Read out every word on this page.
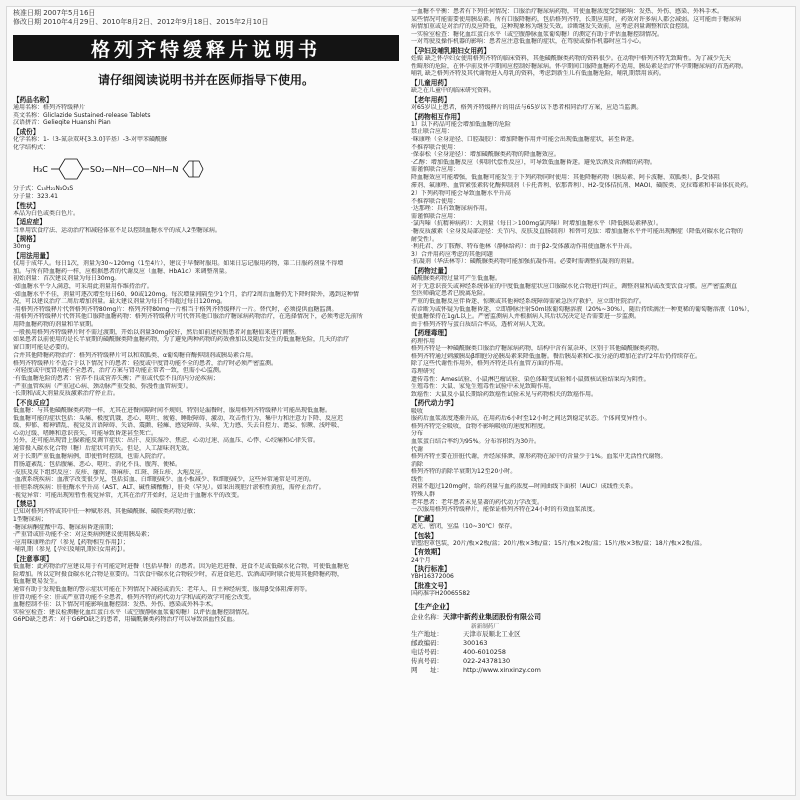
核准日期 2007年5月16日
修改日期 2010年4月29日、2010年8月2日、2012年9月18日、2015年2月10日
格列齐特缓释片说明书
请仔细阅读说明书并在医师指导下使用。
【 药品名称 】
通用名称：格列齐特缓释片
英文名称：Gliclazide Sustained-release Tablets
汉语拼音：Gelieqite Huanshi Pian
【 成份 】
化学名称：1-（3-氮杂双环[3.3.0]辛基）-3-对甲苯磺酰脲
化学结构式：
H₃C	SO₂—NH—CO—NH—N
分子式：C₁₅H₂₁N₃O₃S
分子量：323.41
【 性状 】
本品为白色或类白色片。
【 适应症 】
当单用饮食疗法、运动治疗和减轻体重不足以控制血糖水平的成人2型糖尿病。
【 规格 】
30mg
【 用法用量 】
仅用于成年人。每日1次，剂量为30~120mg（1至4片），建议于早餐时服用。如果日忘记服用药物，第二日服药剂量不得增
加。与所有降血糖药一样，应根据患者的代谢反应（血糖、HbA1c）来调整剂量。
初始剂量：首次建议剂量为每日30mg。
·如血糖水平令人满意，可采用此剂量用作维持治疗。
·如血糖水平不佳，剂量可逐次增至每日60、90或120mg。每次增量间隔至少1个月，治疗2周后血糖仍无下降时除外，遇到这种情
况，可以建议治疗二周后增加剂量。最大建议剂量为每日不得超过每日120mg。
·用格列齐特缓释片代替格列齐特80mg片：格列齐特80mg一片相当于格列齐特缓释片一片。替代时，必须提供血糖监测。
·用格列齐特缓释片代替其他口服降血糖药物：格列齐特缓释片可代替其他口服治疗糖尿病药物治疗，在选择情况下，必须考虑先前所
用降血糖药物的剂量和半衰期。
一般换用格列齐特缓释片时不需过渡期，开始以剂量30mg较好，然后如前述按照患者对血糖值来进行调整。
如果患者以前使用的是长半衰期的磺酰脲类降血糖药物，为了避免两种药物的药效叠加以及随后发生的低血糖危险，几天的治疗
窗口期可能是必要的。
合并其他降糖药物治疗：格列齐特缓释片可以和双胍类、α葡萄糖苷酶抑制剂或胰岛素合用。
格列齐特缓释片不适合于以下情况下的患者：轻度或中度肾功能不全的患者，治疗时必须严密监测。
·对轻度或中度肾功能不全患者，治疗方案与肾功能正常者一致，但需小心监测。
·有低血糖危险的患者：营养不良或营养失衡；严重或代偿不良的内分泌疾病；
·严重血管疾病（严重冠心病、颈动脉严重受损、弥漫性血管病变）。
·长期和/或大剂量皮质激素治疗停止后。
【 不良反应 】
低血糖：与其他磺酰脲类药物一样，尤其在进餐间隔时间不规则，特别是漏餐时，服用格列齐特缓释片可能出现低血糖。
低血糖可能的症状包括：头痛、极度饥饿、恶心、呕吐、疲倦、睡眠障碍、激动、攻击性行为、集中力和注意力下降、反应迟
缓、抑郁、精神错乱、视觉及言语障碍、失语、震颤、轻瘫、感觉障碍、头晕、无力感、失去自控力、谵妄、惊厥、浅呼吸、
心动过缓、嗜睡和意识丧失，可能导致昏迷甚至死亡。
另外，还可能出现肾上腺素能反调节症状：出汗、皮肤湿冷、焦虑、心动过速、高血压、心悸、心绞痛和心律失常。
通常摄入碳水化合物（糖）后症状可消失。但是，人工甜味剂无效。
对于长期严重低血糖病例，即使暂时控制，也需入院治疗。
胃肠道紊乱：包括腹痛、恶心、呕吐、消化不良、腹泻、便秘。
·皮肤及皮下组织反应：皮疹、瘙痒、荨麻疹、红斑、斑丘疹、大疱反应。
·血液系统疾病：血液学改变很少见，包括贫血、白细胞减少、血小板减少、粒细胞减少，这些异常通常是可逆的。
·肝胆系统疾病：肝脏酶水平升高（AST、ALT、碱性磷酸酶），肝炎（罕见）。如果出现胆汁淤积性黄疸，需停止治疗。
·视觉异常：可能出现短暂性视觉异常，尤其在治疗开始时，这是由于血糖水平的改变。
【 禁忌 】
已知对格列齐特或其中任一种赋形剂、其他磺酰脲、磺胺类药物过敏；
1型糖尿病；
·糖尿病酮症酸中毒、糖尿病昏迷前期；
·严重肾或肝功能不全：对这类病例建议使用胰岛素；
·应用咪康唑治疗（参见【药物相互作用】）；
·哺乳期（参见【孕妇及哺乳期妇女用药】）。
【 注意事项 】
低血糖：此药物治疗应建议用于有可能定时进餐（包括早餐）的患者。因为延迟进餐、进食不足或低碳水化合物，可使低血糖危
险增加。所以定时摄食碳水化合物是重要的。当饮食中碳水化合物较少时，若进食延迟、饮酒或同时联合使用其他降糖药物，
低血糖更易发生。
通常有助于发现低血糖的警示症状可能在下列情况下减轻或消失：老年人、自主神经病变、服用β受体阻滞剂等。
肝肾功能不全：肝或严重肾功能不全患者，格列齐特的药代动力学和/或药效学可能会改变。
血糖控制不佳：以下情况可能影响血糖控制：发热、外伤、感染或外科手术。
实验室检查：建议检测糖化血红蛋白水平（或空腹静脉血浆葡萄糖）以评估血糖控制情况。
G6PD缺乏患者：对于G6PD缺乏的患者，用磺酰脲类药物治疗可以导致溶血性贫血。
一血糖不平衡：患者有下列任何情况：口服治疗糖尿病药物，可使血糖浓度受到影响：发热、外伤、感染、外科手术。
某些情况可能需要使用胰岛素。所有口服降糖药，包括格列齐特，长期应用时，药效对许多病人都会减弱。这可能由于糖尿病
病情加重或是对治疗的反应降低，这种现象称为继发失效。诊断继发失效前，应考虑剂量调整和饮食控制。
一实验室检查：糖化血红蛋白水平（或空腹静脉血浆葡萄糖）的测定有助于评估血糖控制情况。
一对驾驶及操作机器的影响：患者应注意低血糖的症状，在驾驶或操作机器时应当小心。
【 孕妇及哺乳期妇女用药 】
妊娠 缺乏怀孕妇女使用格列齐特的临床资料，其他磺酰脲类药物的资料很少。在动物中格列齐特无致畸性。为了减少先天
性畸形的危险，在怀孕前及怀孕期间应控制好糖尿病。怀孕期间口服降血糖药不适用，胰岛素是治疗怀孕期糖尿病的首选药物。
哺乳 缺乏格列齐特及其代谢物进入母乳的资料，考虑到新生儿有低血糖危险，哺乳期禁用该药。
【 儿童用药 】
缺乏在儿童中的临床研究资料。
【 老年用药 】
对65岁以上患者，格列齐特缓释片的用法与65岁以下患者相同治疗方案，应适当监测。
【 药物相互作用 】
1）以下药品可能会增加低血糖的危险
禁止联合应用：
·咪康唑（全身途径、口腔凝胶）：增加降糖作用并可能会出现低血糖症状，甚至昏迷。
不推荐联合使用：
·保泰松（全身途径）：增加磺酰脲类药物的降血糖效应。
·乙醇：增加低血糖反应（抑制代偿性反应），可导致低血糖昏迷。避免饮酒及含酒精的药物。
需谨慎联合应用：
降血糖效应可能增强，低血糖可能发生于下列药物同时使用：其他降糖药物（胰岛素、阿卡波糖、双胍类），β-受体阻
滞剂、氟康唑、血管紧张素转化酶抑制剂（卡托普利、依那普利）、H2-受体拮抗剂、MAOI、磺胺类、克拉霉素和非甾体抗炎药。
2）下列药物可能会导致血糖水平升高
不推荐联合使用：
·达那唑：具有致糖尿病作用。
需谨慎联合应用：
·氯丙嗪（抗精神病药）：大剂量（每日＞100mg氯丙嗪）时增加血糖水平（降低胰岛素释放）。
·糖皮质激素（全身及局部途径：关节内、皮肤及直肠制剂）和替可克肽：增加血糖水平并可能出现酮症（降低对碳水化合物的
耐受性）。
·利托君、沙丁胺醇、特布他林（静脉给药）：由于β2-受体激动作用使血糖水平升高。
3）合并用药应考虑的其他问题
·抗凝剂（华法林等）：磺酰脲类药物可能加强抗凝作用。必要时需调整抗凝剂的剂量。
【 药物过量 】
磺酰脲类药物过量可产生低血糖。
对于无意识丧失或神经系统体征的中度低血糖症状应口服碳水化合物进行纠正，调整剂量和/或改变饮食习惯。应严密监测直
至医师确定患者已脱离危险。
严重的低血糖反应伴昏迷、惊厥或其他神经系统障碍需紧急医疗救护，应立即住院治疗。
若诊断为或怀疑为低血糖昏迷，立即静脉注射50ml浓葡萄糖溶液（20%~30%），随后持续滴注一种更稀的葡萄糖溶液（10%），
使血糖保持在1g/L以上。严密监测病人并根据病人其后状况决定是否需要进一步监测。
由于格列齐特与蛋白质结合率高，透析对病人无效。
【 药理毒理 】
药理作用
格列齐特是一种磺酰脲类口服治疗糖尿病药物，结构中含有氮杂环，区别于其他磺酰脲类药物。
格列齐特通过刺激胰岛β细胞分泌胰岛素来降低血糖。餐后胰岛素和C-肽分泌的增加在治疗2年后仍持续存在。
除了这些代谢性作用外，格列齐特还具有血管方面的作用。
毒理研究
遗传毒性：Ames试验、小鼠淋巴瘤试验、染色体畸变试验和小鼠微核试验结果均为阴性。
生殖毒性：大鼠、家兔生殖毒性试验中未见致畸作用。
致癌性：大鼠及小鼠长期给药致癌性试验未见与药物相关的致癌作用。
【 药代动力学 】
吸收
服药后血浆浓度逐渐升高，在用药后6小时至12小时之间达到稳定状态。个体间变异性小。
格列齐特完全吸收，食物不影响吸收的速度和程度。
分布
血浆蛋白结合率约为95%。分布容积约为30升。
代谢
格列齐特主要在肝脏代谢，并经尿排泄，原形药物在尿中的含量少于1%。血浆中无活性代谢物。
消除
格列齐特的消除半衰期为12至20小时。
线性
剂量不超过120mg时，给药剂量与血药浓度—时间曲线下面积（AUC）成线性关系。
特殊人群
老年患者：老年患者未见显著的药代动力学改变。
一次服用格列齐特缓释片，能保证格列齐特在24小时的有效血浆浓度。
【 贮藏 】
遮光、密闭，室温（10~30℃）保存。
【 包装 】
铝塑泡罩包装，20片/板×2板/盒；20片/板×3板/盒；15片/板×2板/盒；15片/板×3板/盒；18片/板×2板/盒。
【 有效期 】
24个月
【 执行标准 】
YBH16372006
【 批准文号 】
国药准字H20065582
【生产企业】
企业名称：天津中新药业集团股份有限公司
新新制药厂
生产地址：	天津市辰顺北工业区
邮政编码：	300163
电话号码：	400-6010258
传真号码：	022-24378130
网　　址：	http://www.xinxinzy.com
